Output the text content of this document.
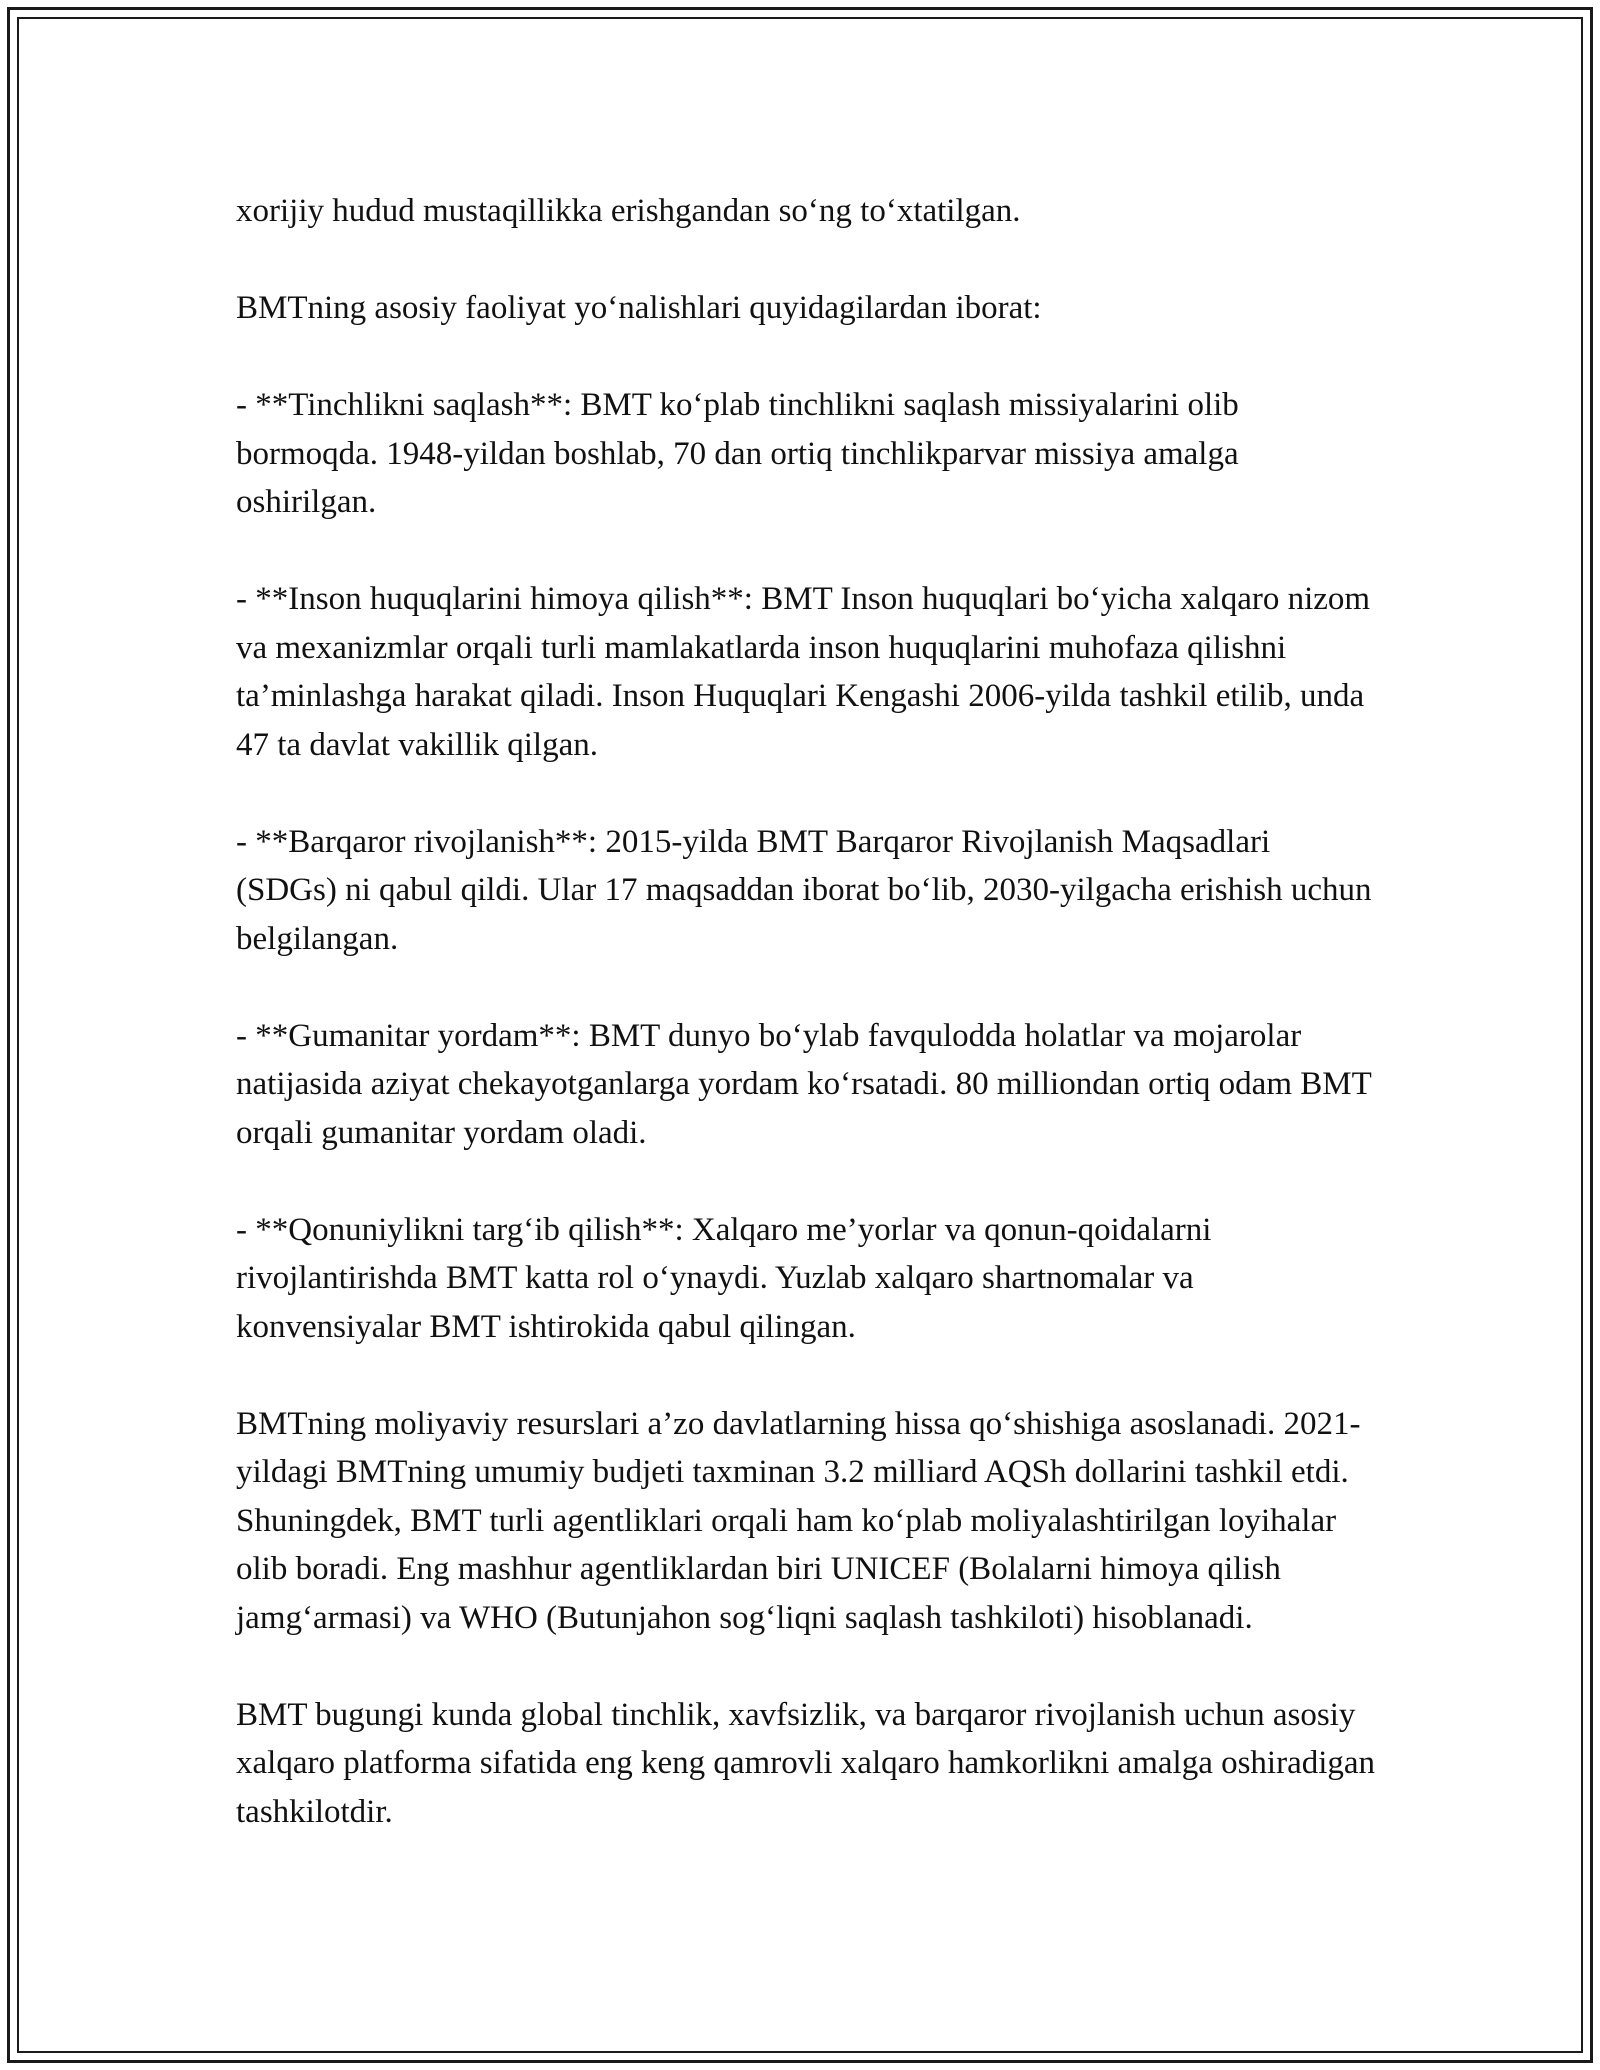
xorijiy hudud mustaqillikka erishgandan so‘ng to‘xtatilgan.

BMTning asosiy faoliyat yo‘nalishlari quyidagilardan iborat:

- **Tinchlikni saqlash**: BMT ko‘plab tinchlikni saqlash missiyalarini olib bormoqda. 1948-yildan boshlab, 70 dan ortiq tinchlikparvar missiya amalga oshirilgan.

- **Inson huquqlarini himoya qilish**: BMT Inson huquqlari bo‘yicha xalqaro nizom va mexanizmlar orqali turli mamlakatlarda inson huquqlarini muhofaza qilishni ta’minlashga harakat qiladi. Inson Huquqlari Kengashi 2006-yilda tashkil etilib, unda 47 ta davlat vakillik qilgan.

- **Barqaror rivojlanish**: 2015-yilda BMT Barqaror Rivojlanish Maqsadlari (SDGs) ni qabul qildi. Ular 17 maqsaddan iborat bo‘lib, 2030-yilgacha erishish uchun belgilangan.

- **Gumanitar yordam**: BMT dunyo bo‘ylab favqulodda holatlar va mojarolar natijasida aziyat chekayotganlarga yordam ko‘rsatadi. 80 milliondan ortiq odam BMT orqali gumanitar yordam oladi.

- **Qonuniylikni targ‘ib qilish**: Xalqaro me’yorlar va qonun-qoidalarni rivojlantirishda BMT katta rol o‘ynaydi. Yuzlab xalqaro shartnomalar va konvensiyalar BMT ishtirokida qabul qilingan.

BMTning moliyaviy resurslari a’zo davlatlarning hissa qo‘shishiga asoslanadi. 2021-yildagi BMTning umumiy budjeti taxminan 3.2 milliard AQSh dollarini tashkil etdi. Shuningdek, BMT turli agentliklari orqali ham ko‘plab moliyalashtirilgan loyihalar olib boradi. Eng mashhur agentliklardan biri UNICEF (Bolalarni himoya qilish jamg‘armasi) va WHO (Butunjahon sog‘liqni saqlash tashkiloti) hisoblanadi.

BMT bugungi kunda global tinchlik, xavfsizlik, va barqaror rivojlanish uchun asosiy xalqaro platforma sifatida eng keng qamrovli xalqaro hamkorlikni amalga oshiradigan tashkilotdir.
